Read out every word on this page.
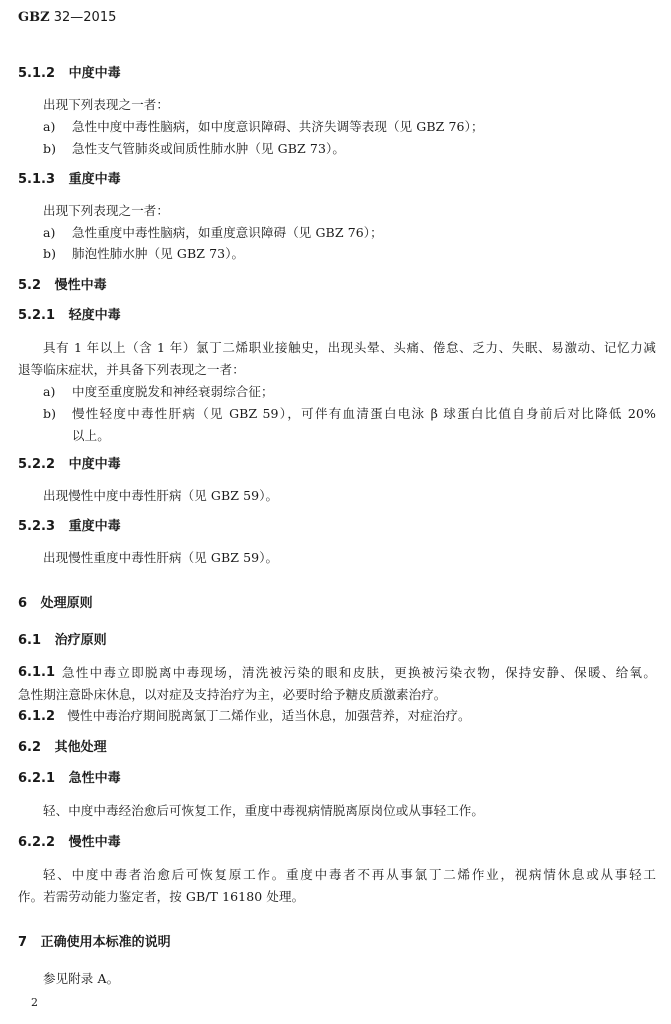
GBZ 32—2015
5.1.2 中度中毒
出现下列表现之一者：
a) 急性中度中毒性脑病，如中度意识障碍、共济失调等表现（见 GBZ 76）；
b) 急性支气管肺炎或间质性肺水肿（见 GBZ 73）。
5.1.3 重度中毒
出现下列表现之一者：
a) 急性重度中毒性脑病，如重度意识障碍（见 GBZ 76）；
b) 肺泡性肺水肿（见 GBZ 73）。
5.2 慢性中毒
5.2.1 轻度中毒
具有 1 年以上（含 1 年）氯丁二烯职业接触史，出现头晕、头痛、倦怠、乏力、失眠、易激动、记忆力减
退等临床症状，并具备下列表现之一者：
a) 中度至重度脱发和神经衰弱综合征；
b) 慢性轻度中毒性肝病（见 GBZ 59），可伴有血清蛋白电泳 β 球蛋白比值自身前后对比降低 20%
以上。
5.2.2 中度中毒
出现慢性中度中毒性肝病（见 GBZ 59）。
5.2.3 重度中毒
出现慢性重度中毒性肝病（见 GBZ 59）。
6 处理原则
6.1 治疗原则
6.1.1 急性中毒立即脱离中毒现场，清洗被污染的眼和皮肤，更换被污染衣物，保持安静、保暖、给氧。
急性期注意卧床休息，以对症及支持治疗为主，必要时给予糖皮质激素治疗。
6.1.2 慢性中毒治疗期间脱离氯丁二烯作业，适当休息，加强营养，对症治疗。
6.2 其他处理
6.2.1 急性中毒
轻、中度中毒经治愈后可恢复工作，重度中毒视病情脱离原岗位或从事轻工作。
6.2.2 慢性中毒
轻、中度中毒者治愈后可恢复原工作。重度中毒者不再从事氯丁二烯作业，视病情休息或从事轻工
作。若需劳动能力鉴定者，按 GB/T 16180 处理。
7 正确使用本标准的说明
参见附录 A。
2
